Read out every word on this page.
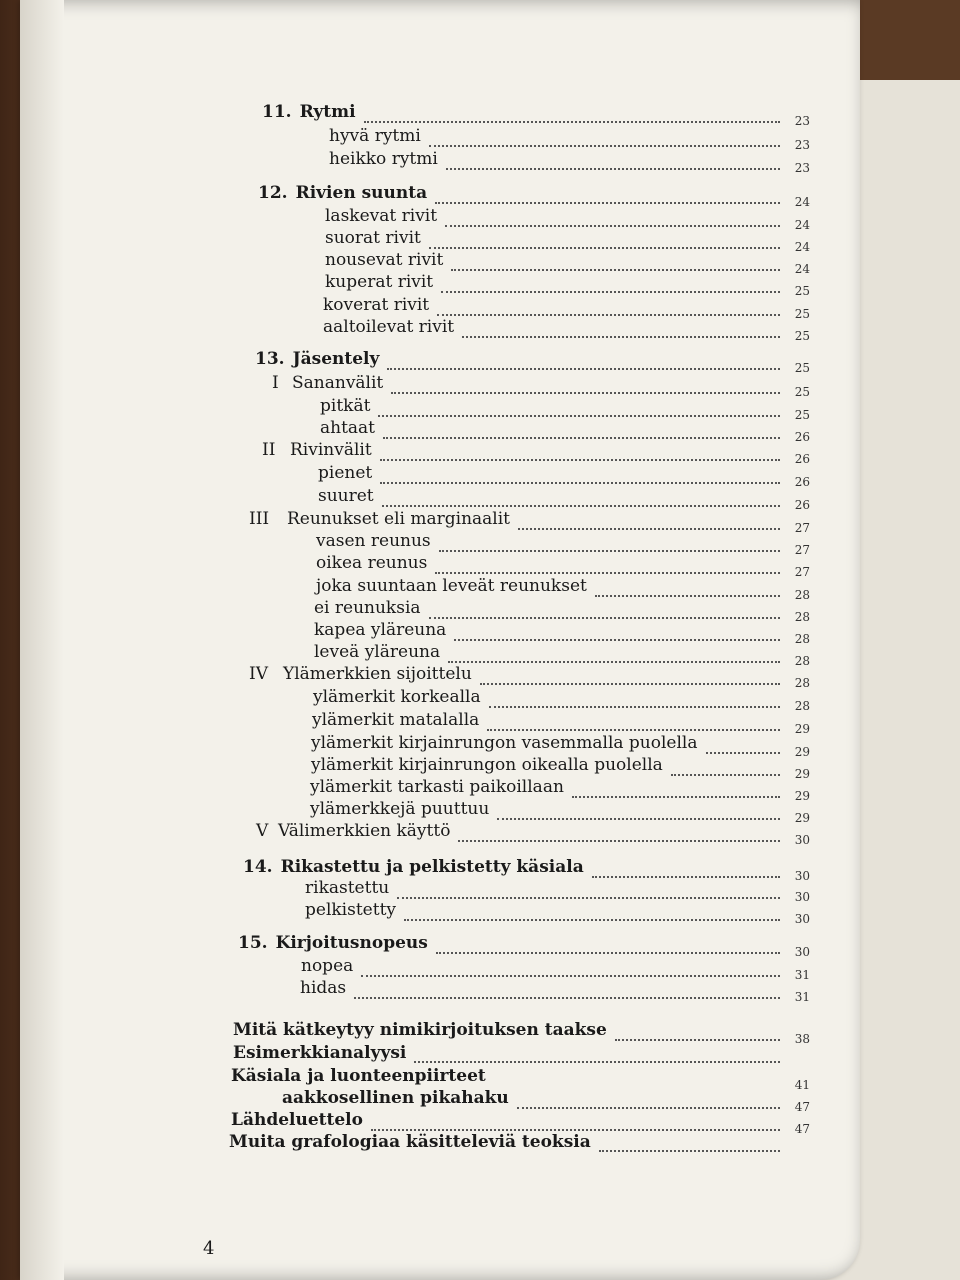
11. Rytmi	23
hyvä rytmi	23
heikko rytmi	23
12. Rivien suunta	24
laskevat rivit	24
suorat rivit	24
nousevat rivit	24
kuperat rivit	25
koverat rivit	25
aaltoilevat rivit	25
13. Jäsentely	25
I Sananvälit	25
pitkät	25
ahtaat	26
II Rivinvälit	26
pienet	26
suuret	26
III	Reunukset eli marginaalit	27
vasen reunus	27
oikea reunus	27
joka suuntaan leveät reunukset	28
ei reunuksia	28
kapea yläreuna	28
leveä yläreuna	28
IV Ylämerkkien sijoittelu	28
ylämerkit korkealla	28
ylämerkit matalalla	29
ylämerkit kirjainrungon vasemmalla puolella	29
ylämerkit kirjainrungon oikealla puolella	29
ylämerkit tarkasti paikoillaan	29
ylämerkkejä puuttuu	29
V Välimerkkien käyttö	30
14. Rikastettu ja pelkistetty käsiala	30
rikastettu	30
pelkistetty	30
15. Kirjoitusnopeus	30
nopea	31
hidas	31
Mitä kätkeytyy nimikirjoituksen taakse	38
Esimerkkianalyysi
Käsiala ja luonteenpiirteet	41
aakkosellinen pikahaku	47
Lähdeluettelo	47
Muita grafologiaa käsitteleviä teoksia
4
